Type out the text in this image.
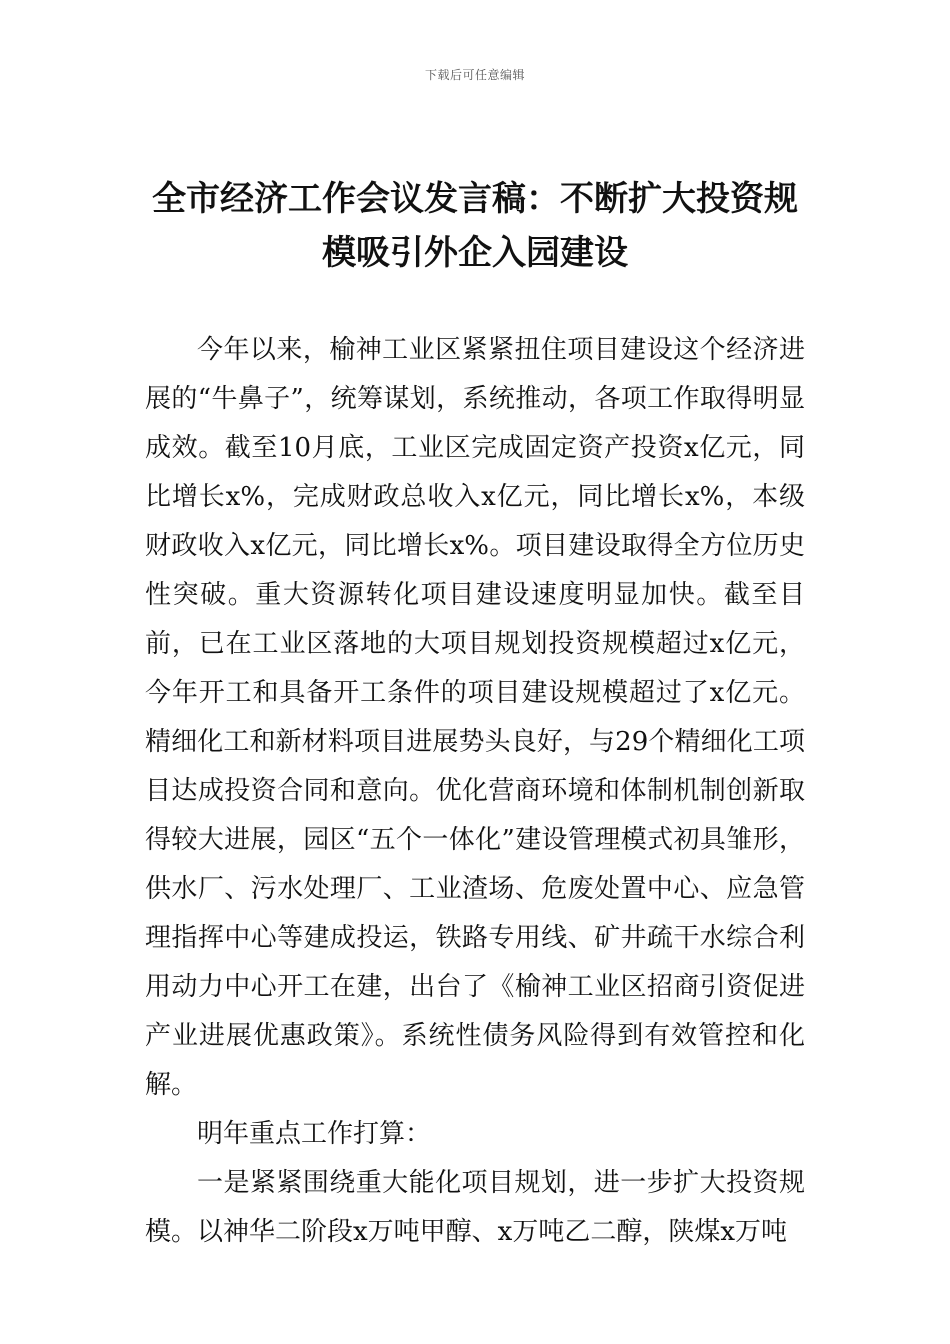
下载后可任意编辑
全市经济工作会议发言稿：不断扩大投资规模吸引外企入园建设

今年以来，榆神工业区紧紧扭住项目建设这个经济进展的“牛鼻子”，统筹谋划，系统推动，各项工作取得明显成效。截至10月底，工业区完成固定资产投资x亿元，同比增长x%，完成财政总收入x亿元，同比增长x%，本级财政收入x亿元，同比增长x%。项目建设取得全方位历史性突破。重大资源转化项目建设速度明显加快。截至目前，已在工业区落地的大项目规划投资规模超过x亿元，今年开工和具备开工条件的项目建设规模超过了x亿元。精细化工和新材料项目进展势头良好，与29个精细化工项目达成投资合同和意向。优化营商环境和体制机制创新取得较大进展，园区“五个一体化”建设管理模式初具雏形，供水厂、污水处理厂、工业渣场、危废处置中心、应急管理指挥中心等建成投运，铁路专用线、矿井疏干水综合利用动力中心开工在建，出台了《榆神工业区招商引资促进产业进展优惠政策》。系统性债务风险得到有效管控和化解。

明年重点工作打算：

一是紧紧围绕重大能化项目规划，进一步扩大投资规模。以神华二阶段x万吨甲醇、x万吨乙二醇，陕煤x万吨
